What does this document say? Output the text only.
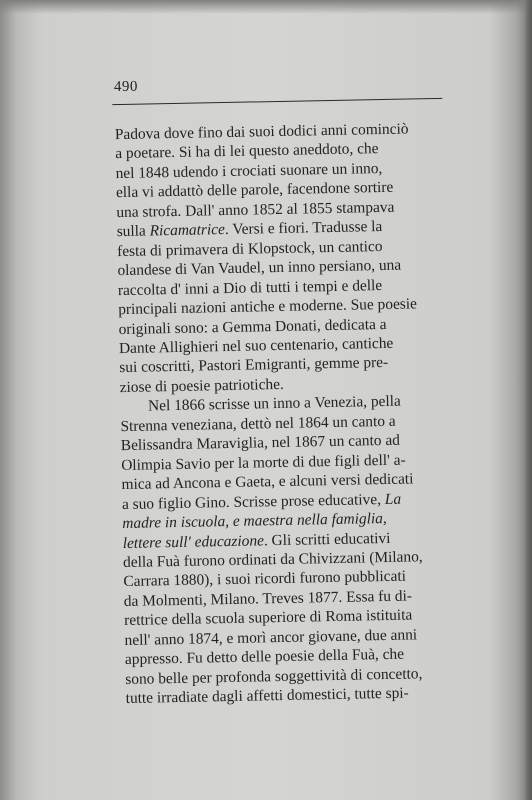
490
Padova dove fino dai suoi dodici anni cominciò
a poetare. Si ha di lei questo aneddoto, che
nel 1848 udendo i crociati suonare un inno,
ella vi addattò delle parole, facendone sortire
una strofa. Dall' anno 1852 al 1855 stampava
sulla Ricamatrice. Versi e fiori. Tradusse la
festa di primavera di Klopstock, un cantico
olandese di Van Vaudel, un inno persiano, una
raccolta d' inni a Dio di tutti i tempi e delle
principali nazioni antiche e moderne. Sue poesie
originali sono: a Gemma Donati, dedicata a
Dante Allighieri nel suo centenario, cantiche
sui coscritti, Pastori Emigranti, gemme pre-
ziose di poesie patriotiche.
Nel 1866 scrisse un inno a Venezia, pella
Strenna veneziana, dettò nel 1864 un canto a
Belissandra Maraviglia, nel 1867 un canto ad
Olimpia Savio per la morte di due figli dell' a-
mica ad Ancona e Gaeta, e alcuni versi dedicati
a suo figlio Gino. Scrisse prose educative, La
madre in iscuola, e maestra nella famiglia,
lettere sull' educazione. Gli scritti educativi
della Fuà furono ordinati da Chivizzani (Milano,
Carrara 1880), i suoi ricordi furono pubblicati
da Molmenti, Milano. Treves 1877. Essa fu di-
rettrice della scuola superiore di Roma istituita
nell' anno 1874, e morì ancor giovane, due anni
appresso. Fu detto delle poesie della Fuà, che
sono belle per profonda soggettività di concetto,
tutte irradiate dagli affetti domestici, tutte spi-
